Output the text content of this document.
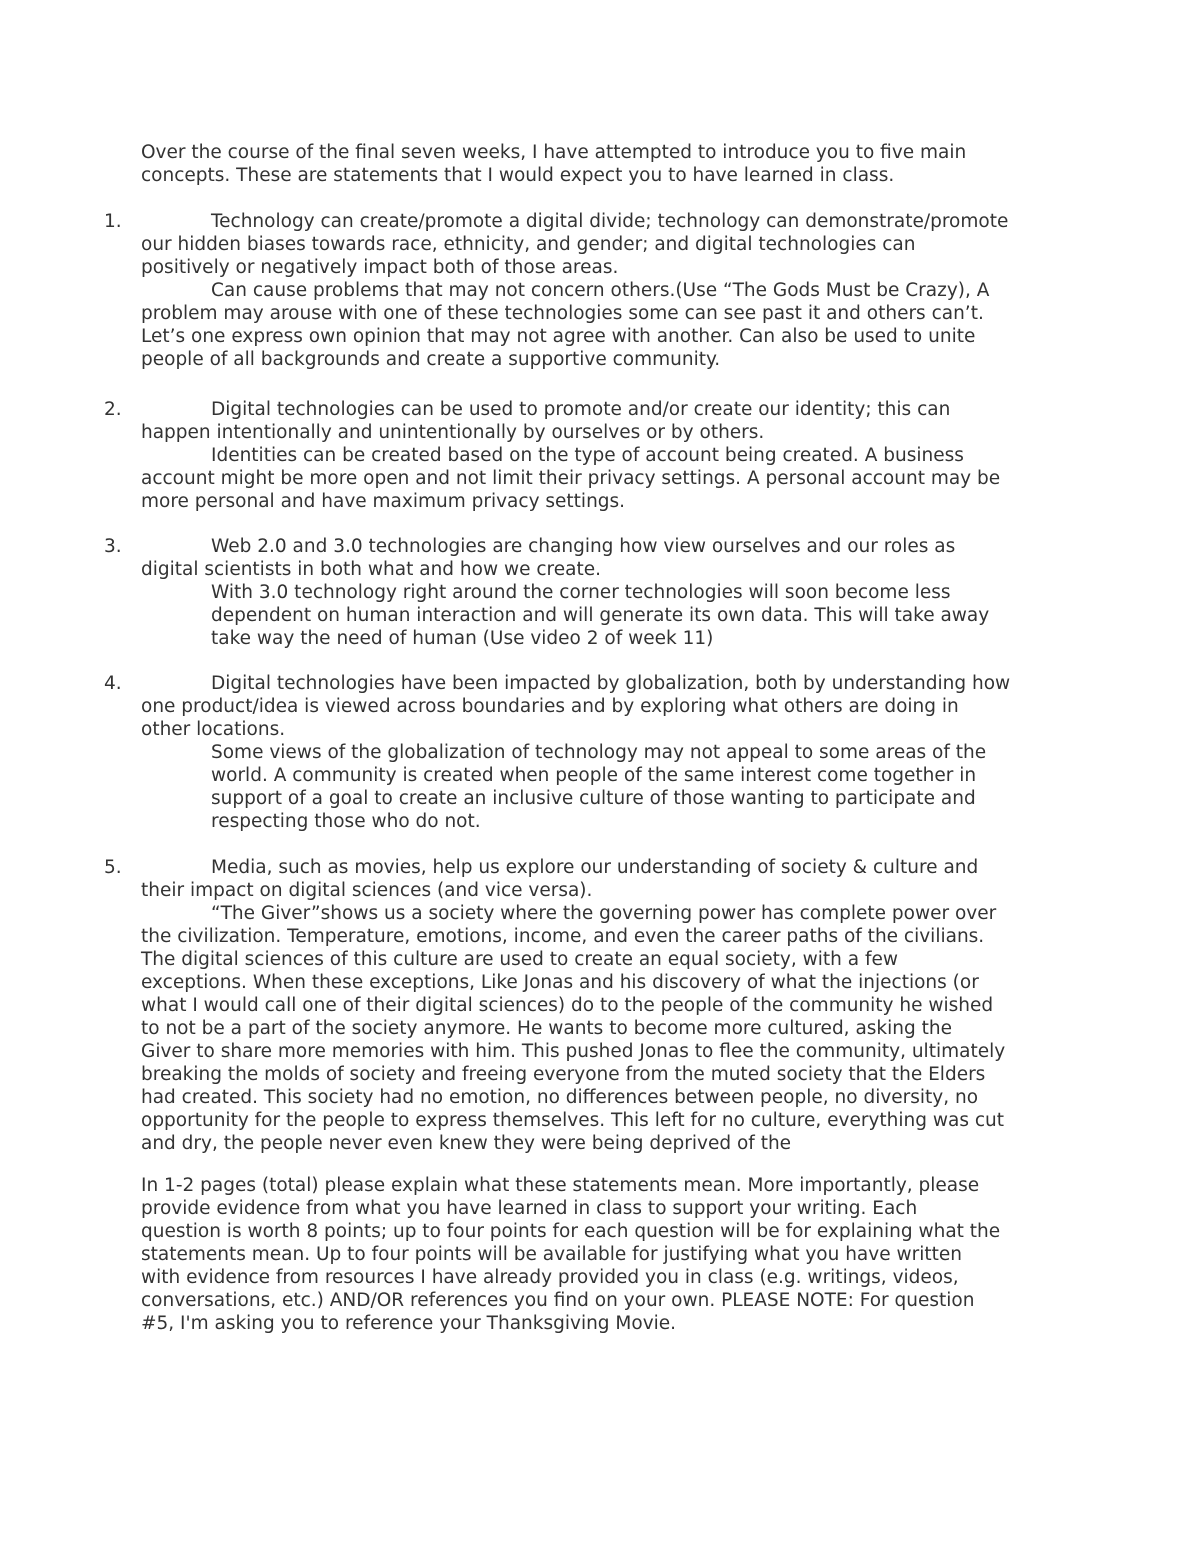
Over the course of the final seven weeks, I have attempted to introduce you to five main
concepts. These are statements that I would expect you to have learned in class.
1.	Technology can create/promote a digital divide; technology can demonstrate/promote
our hidden biases towards race, ethnicity, and gender; and digital technologies can
positively or negatively impact both of those areas.
Can cause problems that may not concern others.(Use “The Gods Must be Crazy), A
problem may arouse with one of these technologies some can see past it and others can’t.
Let’s one express own opinion that may not agree with another. Can also be used to unite
people of all backgrounds and create a supportive community.
2.	Digital technologies can be used to promote and/or create our identity; this can
happen intentionally and unintentionally by ourselves or by others.
Identities can be created based on the type of account being created. A business
account might be more open and not limit their privacy settings. A personal account may be
more personal and have maximum privacy settings.
3.	Web 2.0 and 3.0 technologies are changing how view ourselves and our roles as
digital scientists in both what and how we create.
With 3.0 technology right around the corner technologies will soon become less
dependent on human interaction and will generate its own data. This will take away
take way the need of human (Use video 2 of week 11)
4.	Digital technologies have been impacted by globalization, both by understanding how
one product/idea is viewed across boundaries and by exploring what others are doing in
other locations.
Some views of the globalization of technology may not appeal to some areas of the
world. A community is created when people of the same interest come together in
support of a goal to create an inclusive culture of those wanting to participate and
respecting those who do not.
5.	Media, such as movies, help us explore our understanding of society & culture and
their impact on digital sciences (and vice versa).
“The Giver”shows us a society where the governing power has complete power over
the civilization. Temperature, emotions, income, and even the career paths of the civilians.
The digital sciences of this culture are used to create an equal society, with a few
exceptions. When these exceptions, Like Jonas and his discovery of what the injections (or
what I would call one of their digital sciences) do to the people of the community he wished
to not be a part of the society anymore. He wants to become more cultured, asking the
Giver to share more memories with him. This pushed Jonas to flee the community, ultimately
breaking the molds of society and freeing everyone from the muted society that the Elders
had created. This society had no emotion, no differences between people, no diversity, no
opportunity for the people to express themselves. This left for no culture, everything was cut
and dry, the people never even knew they were being deprived of the
In 1-2 pages (total) please explain what these statements mean. More importantly, please
provide evidence from what you have learned in class to support your writing. Each
question is worth 8 points; up to four points for each question will be for explaining what the
statements mean. Up to four points will be available for justifying what you have written
with evidence from resources I have already provided you in class (e.g. writings, videos,
conversations, etc.) AND/OR references you find on your own. PLEASE NOTE: For question
#5, I'm asking you to reference your Thanksgiving Movie.
